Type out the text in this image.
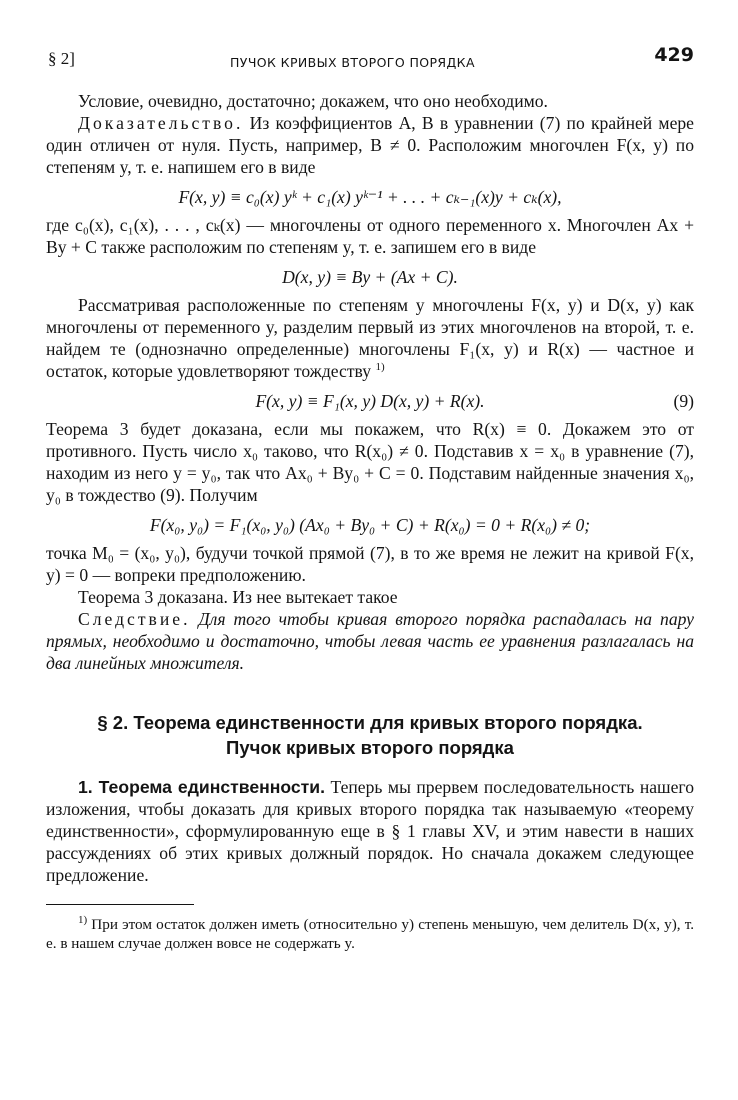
§ 2]	ПУЧОК КРИВЫХ ВТОРОГО ПОРЯДКА	429

Условие, очевидно, достаточно; докажем, что оно необходимо.

Доказательство. Из коэффициентов A, B в уравнении (7) по крайней мере один отличен от нуля. Пусть, например, B ≠ 0. Расположим многочлен F(x, y) по степеням y, т. е. напишем его в виде

F(x, y) ≡ c₀(x) yᵏ + c₁(x) yᵏ⁻¹ + . . . + cₖ₋₁(x)y + cₖ(x),

где c₀(x), c₁(x), . . . , cₖ(x) — многочлены от одного переменного x. Многочлен Ax + By + C также расположим по степеням y, т. е. запишем его в виде

D(x, y) ≡ By + (Ax + C).

Рассматривая расположенные по степеням y многочлены F(x, y) и D(x, y) как многочлены от переменного y, разделим первый из этих многочленов на второй, т. е. найдем те (однозначно определенные) многочлены F₁(x, y) и R(x) — частное и остаток, которые удовлетворяют тождеству $^{1)}$

F(x, y) ≡ F₁(x, y) D(x, y) + R(x).	(9)

Теорема 3 будет доказана, если мы покажем, что R(x) ≡ 0. Докажем это от противного. Пусть число x₀ таково, что R(x₀) ≠ 0. Подставив x = x₀ в уравнение (7), находим из него y = y₀, так что Ax₀ + By₀ + C = 0. Подставим найденные значения x₀, y₀ в тождество (9). Получим

F(x₀, y₀) = F₁(x₀, y₀) (Ax₀ + By₀ + C) + R(x₀) = 0 + R(x₀) ≠ 0;

точка M₀ = (x₀, y₀), будучи точкой прямой (7), в то же время не лежит на кривой F(x, y) = 0 — вопреки предположению.

Теорема 3 доказана. Из нее вытекает такое

Следствие. Для того чтобы кривая второго порядка распадалась на пару прямых, необходимо и достаточно, чтобы левая часть ее уравнения разлагалась на два линейных множителя.

§ 2. Теорема единственности для кривых второго порядка.
Пучок кривых второго порядка

1. Теорема единственности. Теперь мы прервем последовательность нашего изложения, чтобы доказать для кривых второго порядка так называемую «теорему единственности», сформулированную еще в § 1 главы XV, и этим навести в наших рассуждениях об этих кривых должный порядок. Но сначала докажем следующее предложение.

$^{1)}$ При этом остаток должен иметь (относительно y) степень меньшую, чем делитель D(x, y), т. е. в нашем случае должен вовсе не содержать y.
